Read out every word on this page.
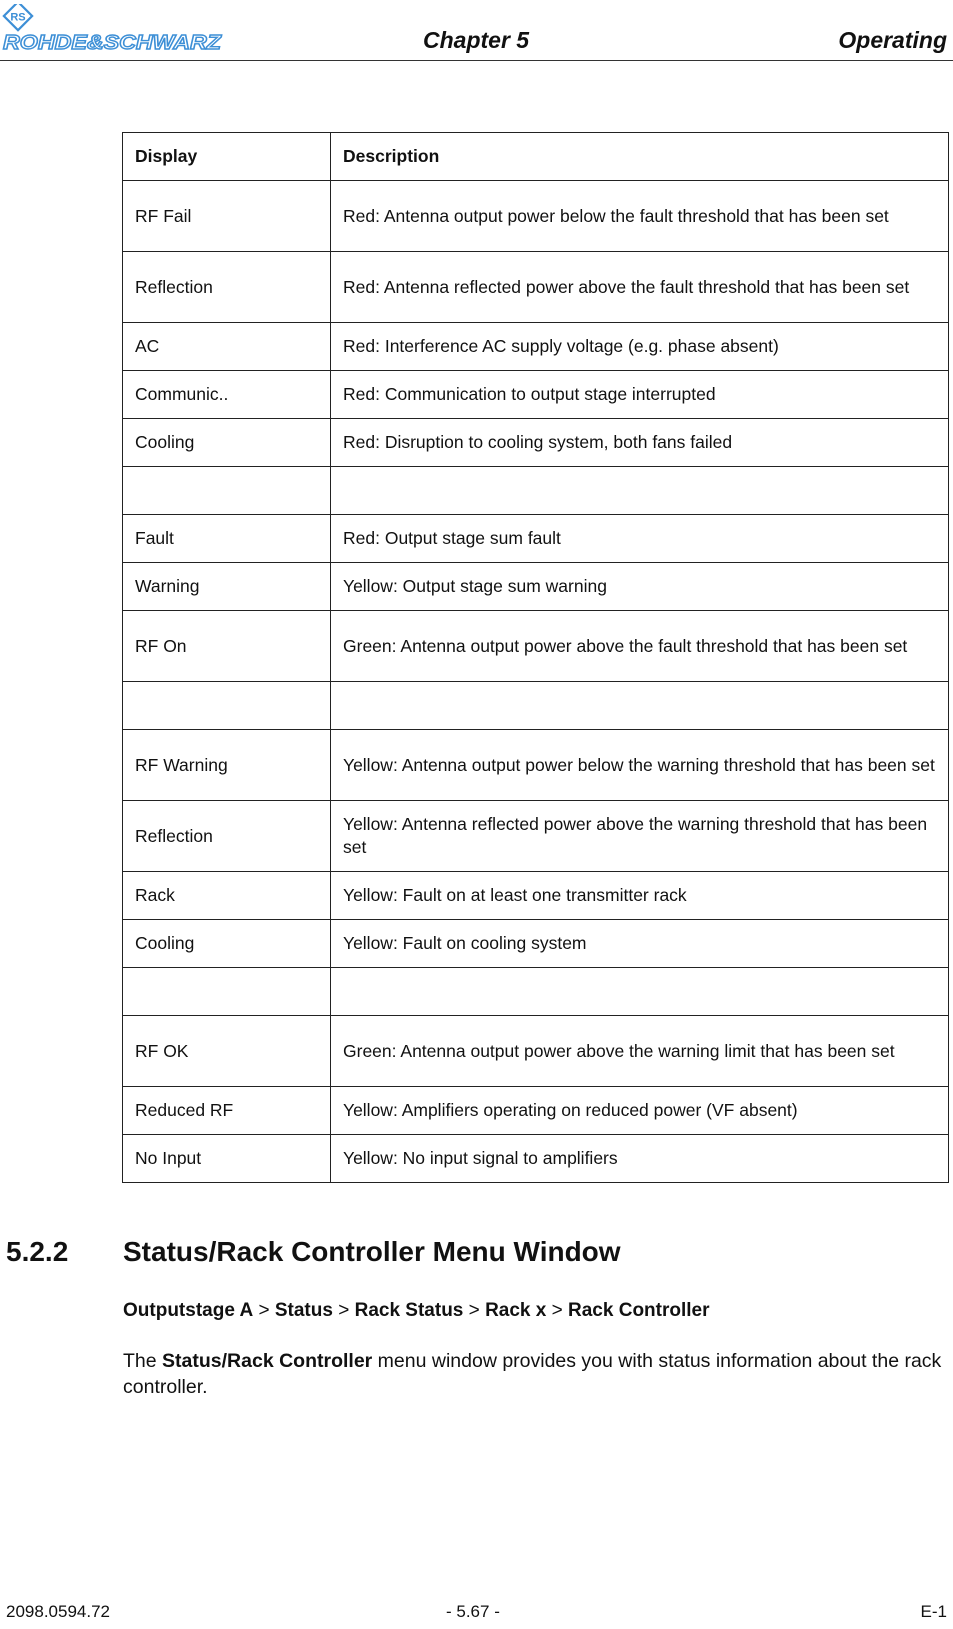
RS
ROHDE&SCHWARZ	Chapter 5	Operating
Display	Description
RF Fail	Red: Antenna output power below the fault threshold that has been set
Reflection	Red: Antenna reflected power above the fault threshold that has been set
AC	Red: Interference AC supply voltage (e.g. phase absent)
Communic..	Red: Communication to output stage interrupted
Cooling	Red: Disruption to cooling system, both fans failed

Fault	Red: Output stage sum fault
Warning	Yellow: Output stage sum warning
RF On	Green: Antenna output power above the fault threshold that has been set

RF Warning	Yellow: Antenna output power below the warning threshold that has been set
Reflection	Yellow: Antenna reflected power above the warning threshold that has been set
Rack	Yellow: Fault on at least one transmitter rack
Cooling	Yellow: Fault on cooling system

RF OK	Green: Antenna output power above the warning limit that has been set
Reduced RF	Yellow: Amplifiers operating on reduced power (VF absent)
No Input	Yellow: No input signal to amplifiers
5.2.2 Status/Rack Controller Menu Window
Outputstage A > Status > Rack Status > Rack x > Rack Controller
The Status/Rack Controller menu window provides you with status information about the rack controller.
2098.0594.72	- 5.67 -	E-1
